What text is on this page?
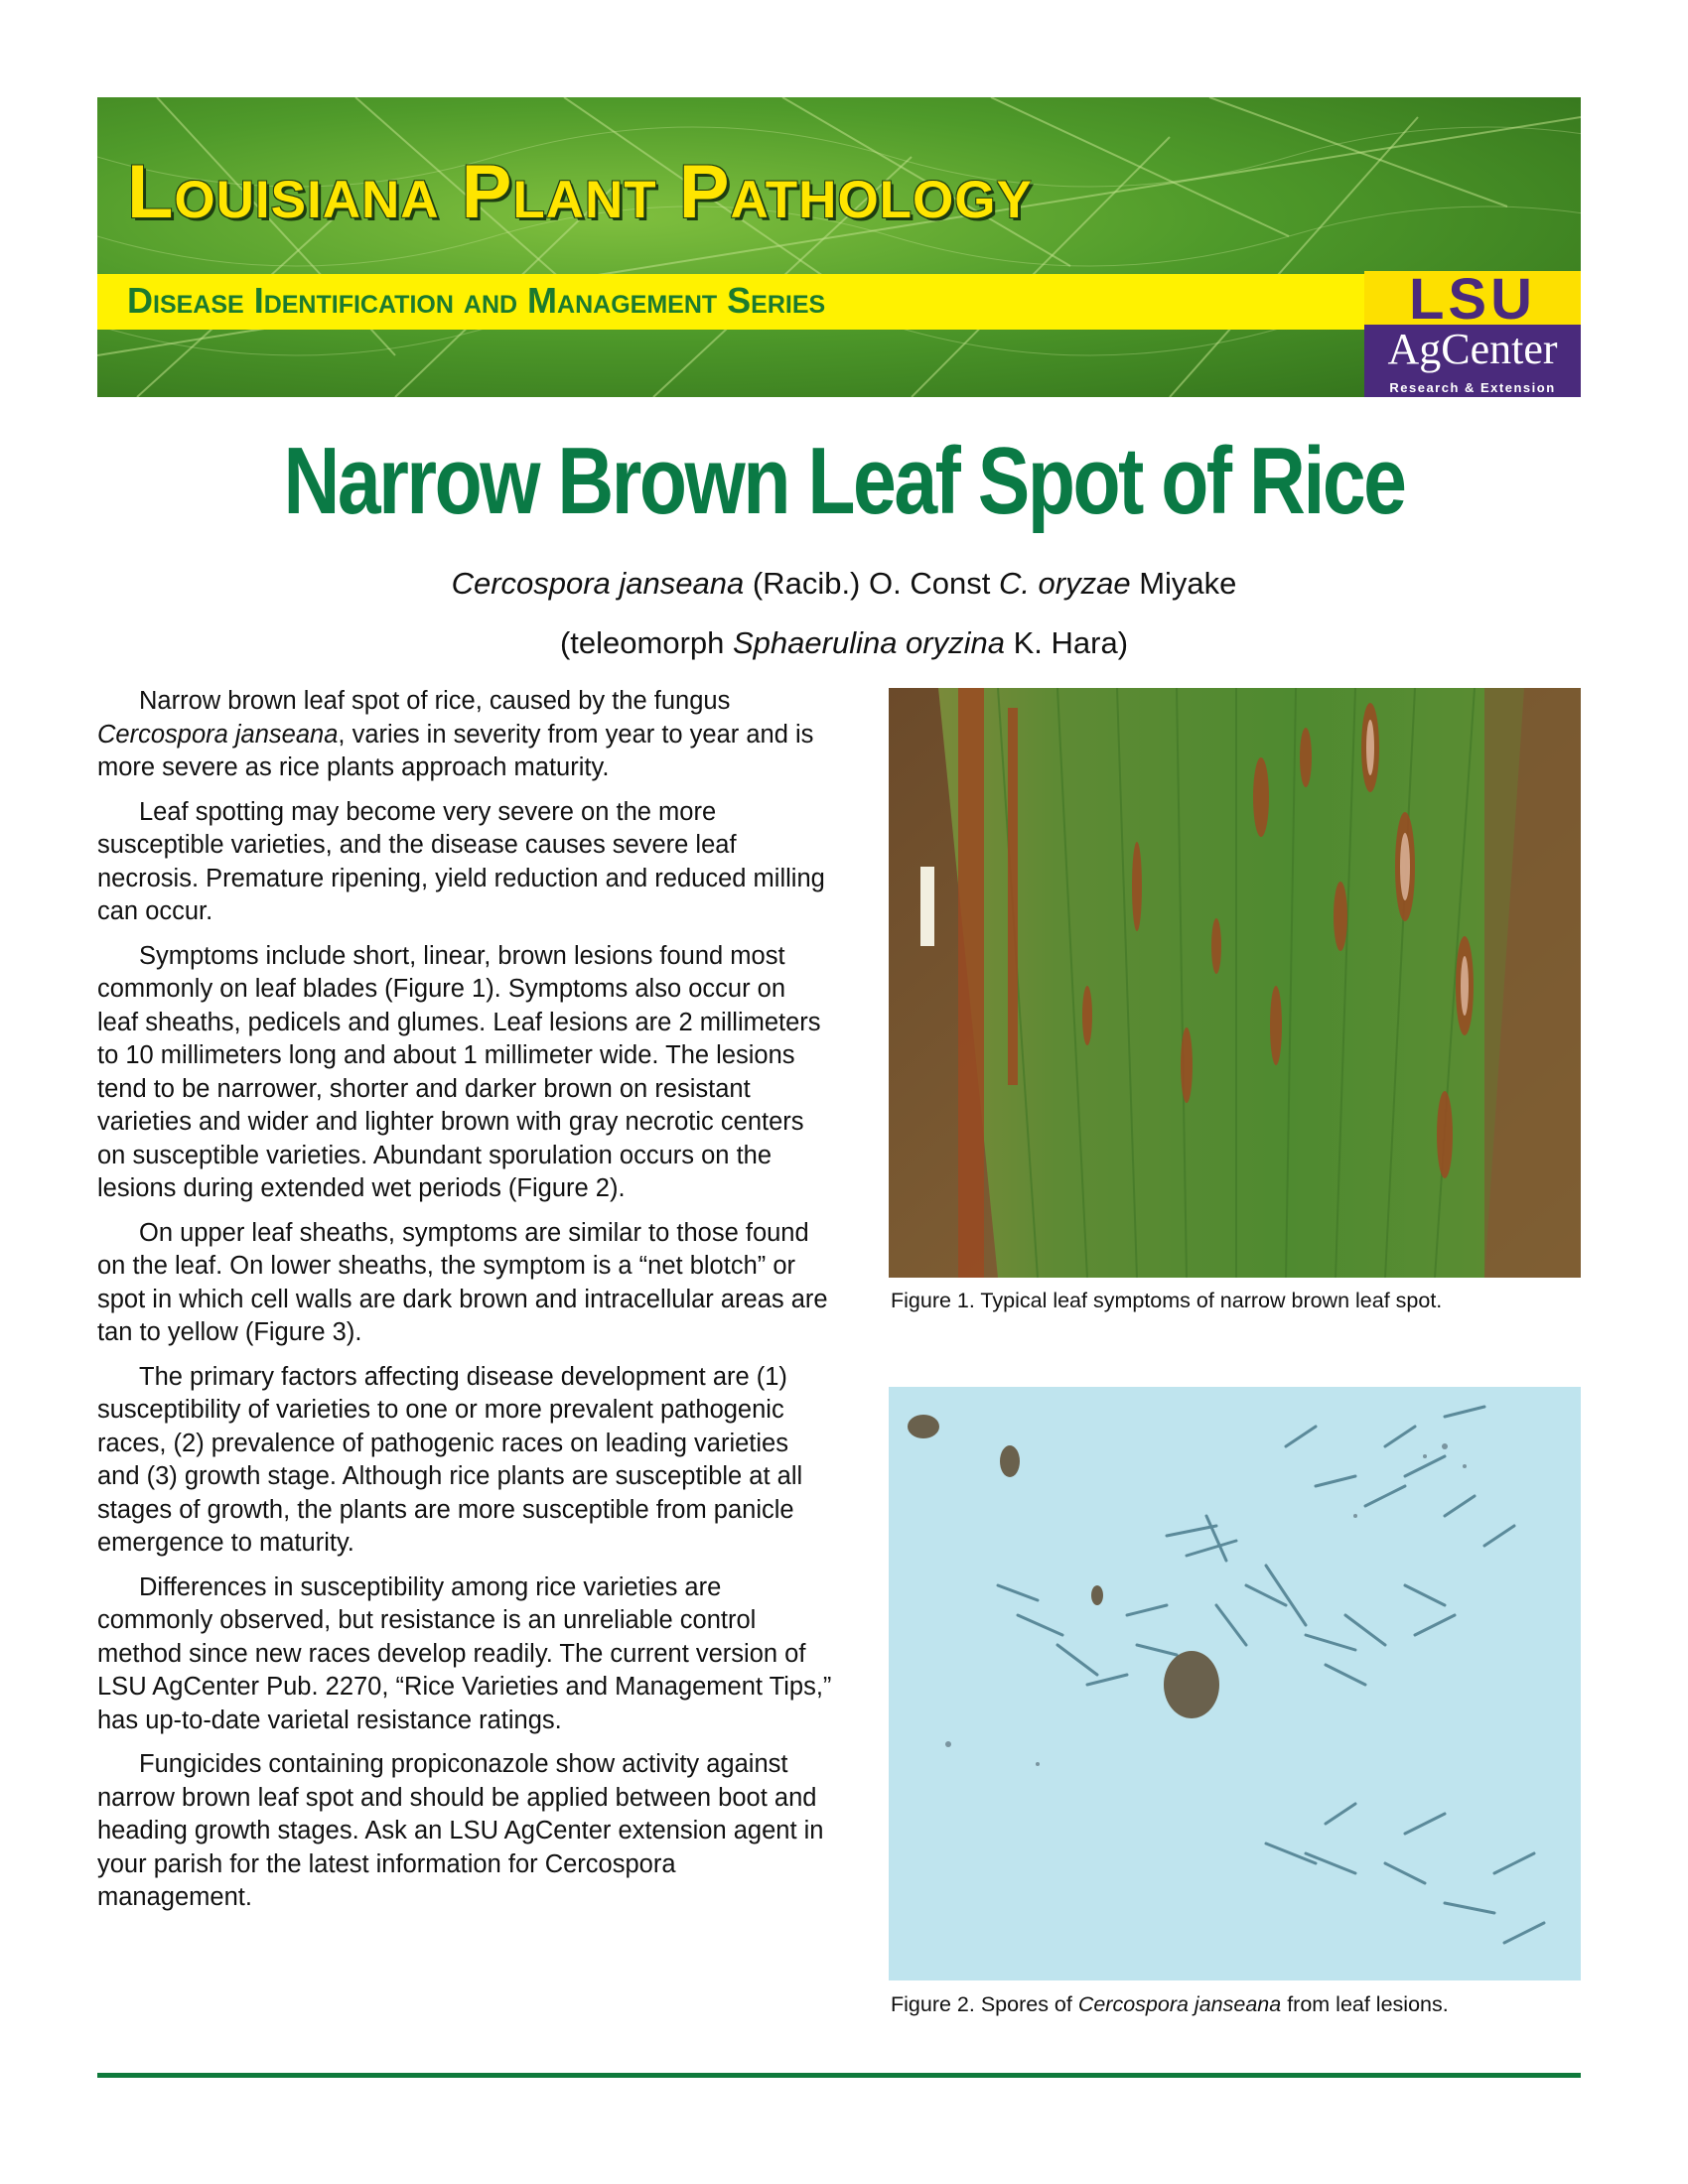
Louisiana Plant Pathology
Disease Identification and Management Series	LSU
AgCenter
Research & Extension
Narrow Brown Leaf Spot of Rice
Cercospora janseana (Racib.) O. Const C. oryzae Miyake
(teleomorph Sphaerulina oryzina K. Hara)

Narrow brown leaf spot of rice, caused by the fungus Cercospora janseana, varies in severity from year to year and is more severe as rice plants approach maturity.

Leaf spotting may become very severe on the more susceptible varieties, and the disease causes severe leaf necrosis. Premature ripening, yield reduction and reduced milling can occur.

Symptoms include short, linear, brown lesions found most commonly on leaf blades (Figure 1). Symptoms also occur on leaf sheaths, pedicels and glumes. Leaf lesions are 2 millimeters to 10 millimeters long and about 1 millimeter wide. The lesions tend to be narrower, shorter and darker brown on resistant varieties and wider and lighter brown with gray necrotic centers on susceptible varieties. Abundant sporulation occurs on the lesions during extended wet periods (Figure 2).

On upper leaf sheaths, symptoms are similar to those found on the leaf. On lower sheaths, the symptom is a “net blotch” or spot in which cell walls are dark brown and intracellular areas are tan to yellow (Figure 3).

The primary factors affecting disease development are (1) susceptibility of varieties to one or more prevalent pathogenic races, (2) prevalence of pathogenic races on leading varieties and (3) growth stage. Although rice plants are susceptible at all stages of growth, the plants are more susceptible from panicle emergence to maturity.

Differences in susceptibility among rice varieties are commonly observed, but resistance is an unreliable control method since new races develop readily. The current version of LSU AgCenter Pub. 2270, “Rice Varieties and Management Tips,” has up-to-date varietal resistance ratings.

Fungicides containing propiconazole show activity against narrow brown leaf spot and should be applied between boot and heading growth stages. Ask an LSU AgCenter extension agent in your parish for the latest information for Cercospora management.

Figure 1. Typical leaf symptoms of narrow brown leaf spot.
Figure 2. Spores of Cercospora janseana from leaf lesions.
